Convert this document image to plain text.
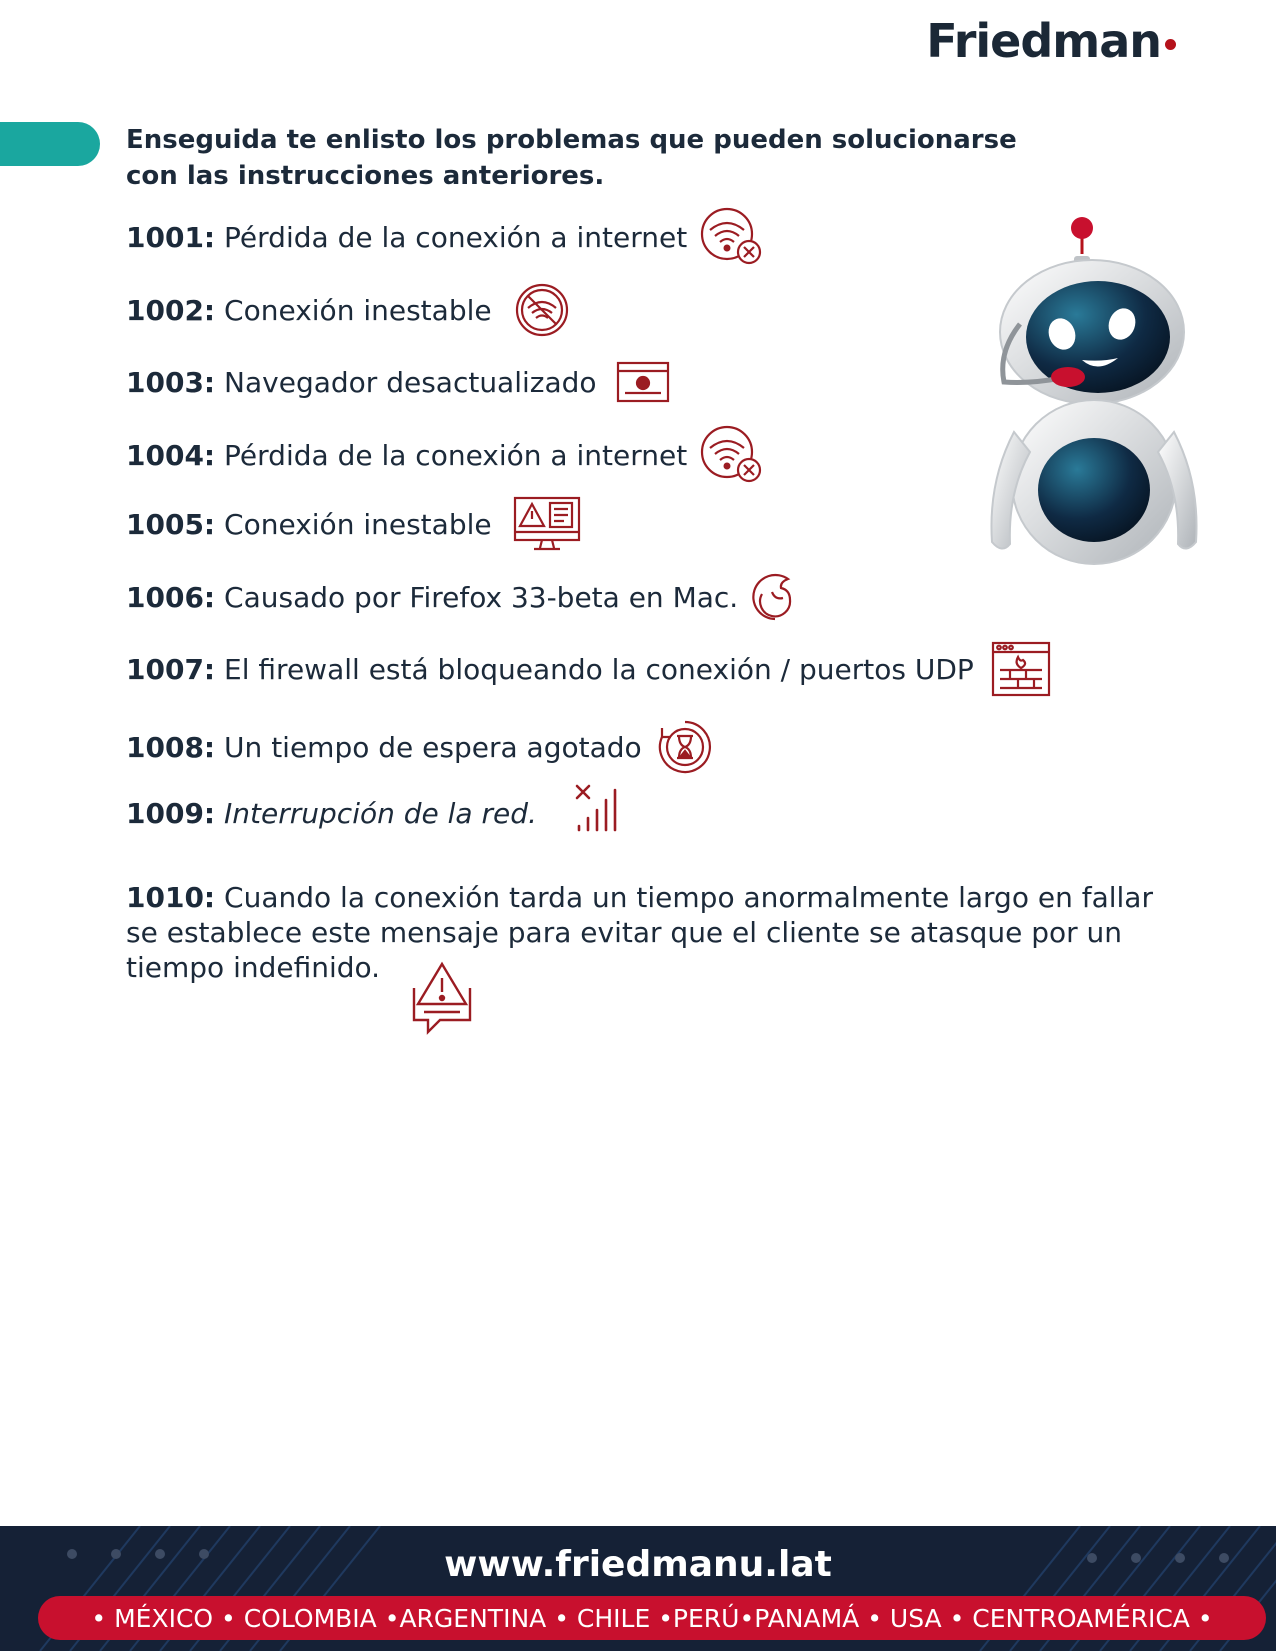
Friedman
Enseguida te enlisto los problemas que pueden solucionarse con las instrucciones anteriores.
1001:
Pérdida de la conexión a internet
1002:
Conexión inestable
1003:
Navegador desactualizado
1004:
Pérdida de la conexión a internet
1005:
Conexión inestable
1006:
Causado por Firefox 33-beta en Mac.
1007:
El firewall está bloqueando la conexión / puertos UDP
1008:
Un tiempo de espera agotado
1009:
Interrupción de la red.
1010: Cuando la conexión tarda un tiempo anormalmente largo en fallar se establece este mensaje para evitar que el cliente se atasque por un tiempo indefinido.
www.friedmanu.lat
• MÉXICO • COLOMBIA •ARGENTINA • CHILE •PERÚ•PANAMÁ • USA • CENTROAMÉRICA •
